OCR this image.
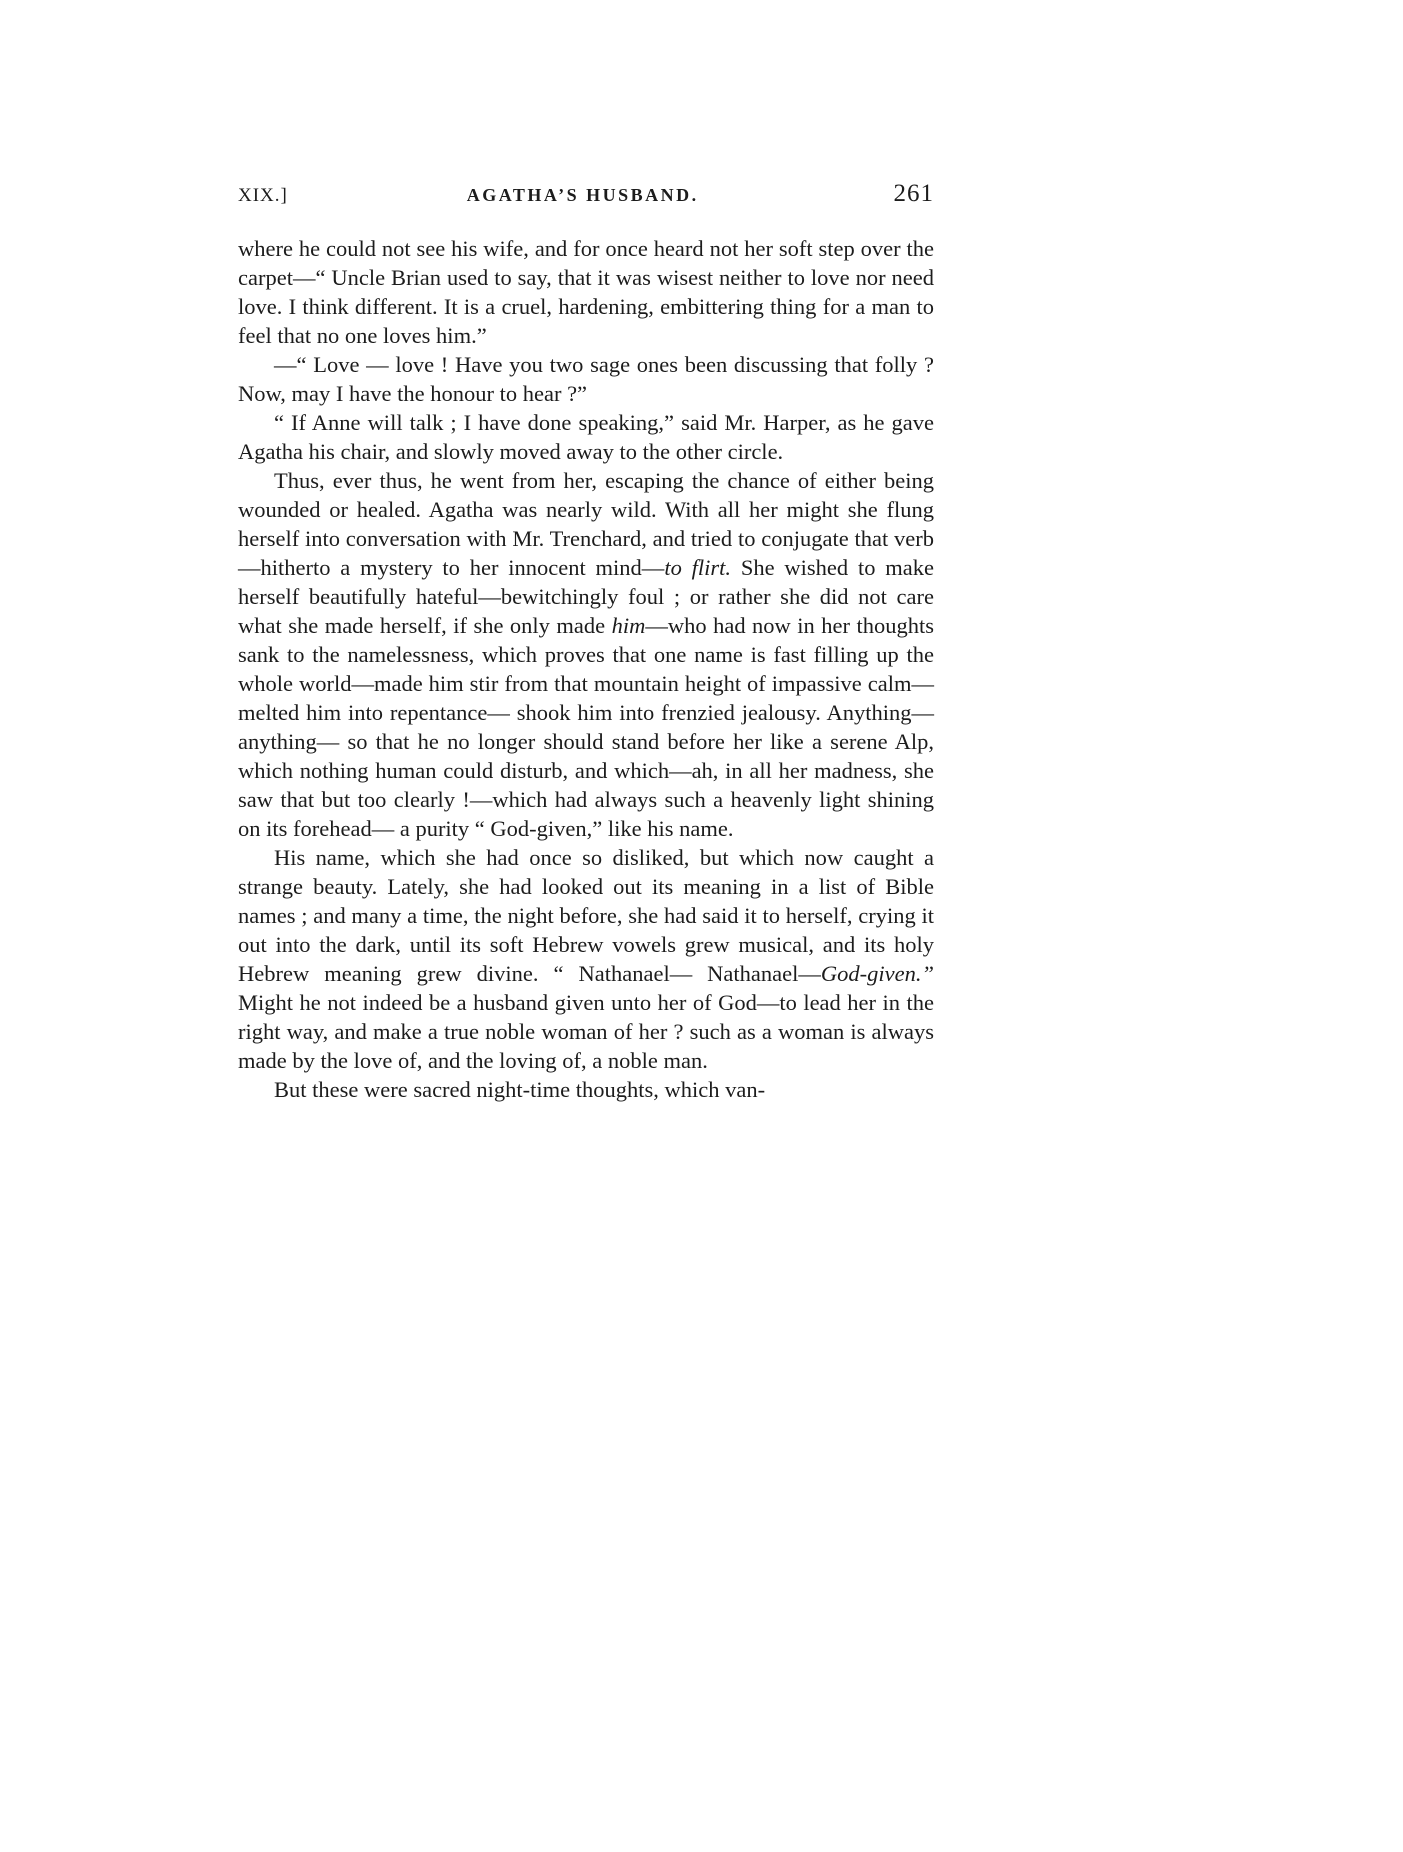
XIX.]	AGATHA’S HUSBAND.	261

where he could not see his wife, and for once heard not her soft step over the carpet—“ Uncle Brian used to say, that it was wisest neither to love nor need love. I think different. It is a cruel, hardening, embittering thing for a man to feel that no one loves him.”

—“ Love — love ! Have you two sage ones been discussing that folly ? Now, may I have the honour to hear ?”

“ If Anne will talk ; I have done speaking,” said Mr. Harper, as he gave Agatha his chair, and slowly moved away to the other circle.

Thus, ever thus, he went from her, escaping the chance of either being wounded or healed. Agatha was nearly wild. With all her might she flung herself into conversation with Mr. Trenchard, and tried to conjugate that verb —hitherto a mystery to her innocent mind—to flirt. She wished to make herself beautifully hateful—bewitchingly foul ; or rather she did not care what she made herself, if she only made him—who had now in her thoughts sank to the namelessness, which proves that one name is fast filling up the whole world—made him stir from that mountain height of impassive calm—melted him into repentance— shook him into frenzied jealousy. Anything—anything— so that he no longer should stand before her like a serene Alp, which nothing human could disturb, and which—ah, in all her madness, she saw that but too clearly !—which had always such a heavenly light shining on its forehead— a purity “ God-given,” like his name.

His name, which she had once so disliked, but which now caught a strange beauty. Lately, she had looked out its meaning in a list of Bible names ; and many a time, the night before, she had said it to herself, crying it out into the dark, until its soft Hebrew vowels grew musical, and its holy Hebrew meaning grew divine. “ Nathanael— Nathanael—God-given.” Might he not indeed be a husband given unto her of God—to lead her in the right way, and make a true noble woman of her ? such as a woman is always made by the love of, and the loving of, a noble man.

But these were sacred night-time thoughts, which van-
